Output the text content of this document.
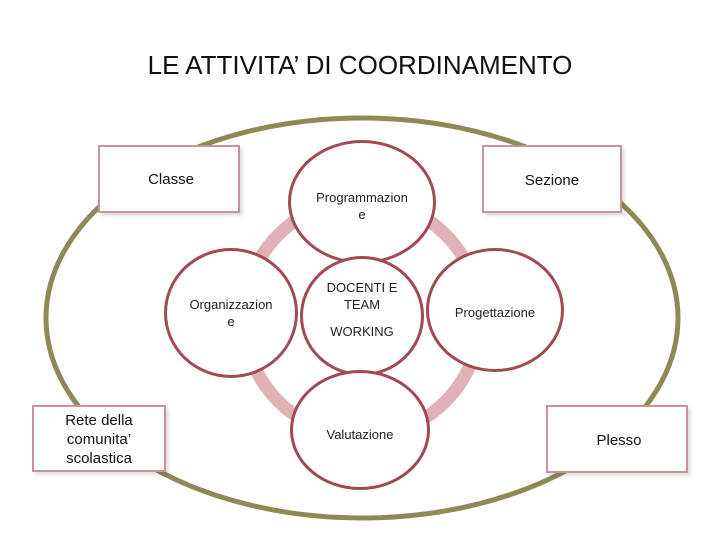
LE ATTIVITA’ DI COORDINAMENTO
Classe	Sezione
Rete della
comunita’
scolastica
Plesso
Programmazion
e
Organizzazion
e
DOCENTI E
TEAM
WORKING
Progettazione
Valutazione
